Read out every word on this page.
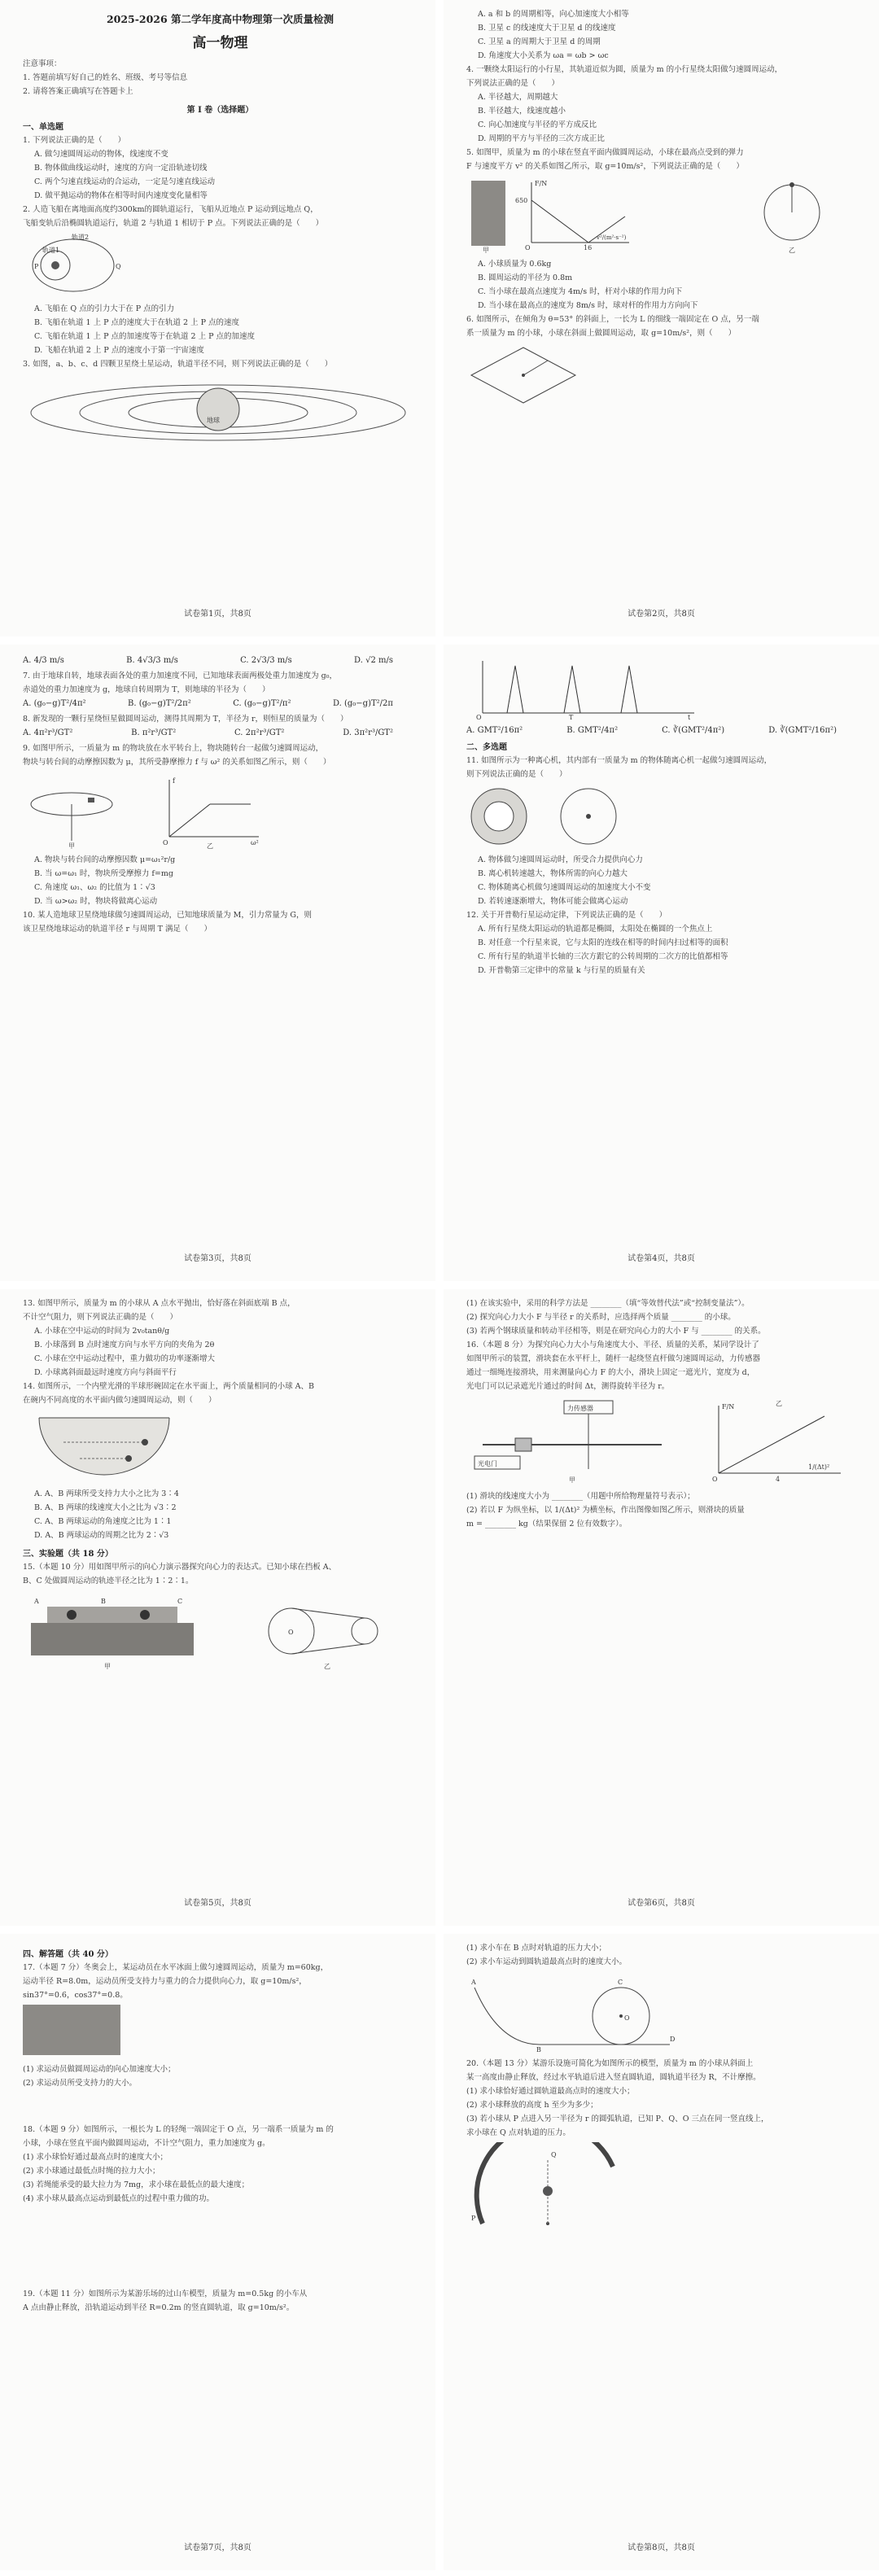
2025-2026 第二学年度高中物理第一次质量检测
高一物理
注意事项：
1. 答题前填写好自己的姓名、班级、考号等信息
2. 请将答案正确填写在答题卡上
第 I 卷（选择题）
一、单选题
1. 下列说法正确的是（　　）
A. 做匀速圆周运动的物体，线速度不变
B. 物体做曲线运动时，速度的方向一定沿轨迹切线
C. 两个匀速直线运动的合运动，一定是匀速直线运动
D. 做平抛运动的物体在相等时间内速度变化量相等
2. 人造飞船在离地面高度约300km的圆轨道运行，飞船从近地点 P 运动到远地点 Q，
飞船变轨后沿椭圆轨道运行，轨道 2 与轨道 1 相切于 P 点。下列说法正确的是（　　）
轨道2
轨道1
P	Q
A. 飞船在 Q 点的引力大于在 P 点的引力
B. 飞船在轨道 1 上 P 点的速度大于在轨道 2 上 P 点的速度
C. 飞船在轨道 1 上 P 点的加速度等于在轨道 2 上 P 点的加速度
D. 飞船在轨道 2 上 P 点的速度小于第一宇宙速度
3. 如图，a、b、c、d 四颗卫星绕土星运动，轨道半径不同，则下列说法正确的是（　　）
地球
试卷第1页，共8页
A. a 和 b 的周期相等，向心加速度大小相等
B. 卫星 c 的线速度大于卫星 d 的线速度
C. 卫星 a 的周期大于卫星 d 的周期
D. 角速度大小关系为 ωa = ωb > ωc
4. 一颗绕太阳运行的小行星，其轨道近似为圆，质量为 m 的小行星绕太阳做匀速圆周运动，
下列说法正确的是（　　）
A. 半径越大，周期越大
B. 半径越大，线速度越小
C. 向心加速度与半径的平方成反比
D. 周期的平方与半径的三次方成正比
5. 如图甲，质量为 m 的小球在竖直平面内做圆周运动，小球在最高点受到的弹力
F 与速度平方 v² 的关系如图乙所示，取 g=10m/s²，下列说法正确的是（　　）
F/N
650
O	16
v²/(m²·s⁻²)
甲	乙
A. 小球质量为 0.6kg
B. 圆周运动的半径为 0.8m
C. 当小球在最高点速度为 4m/s 时，杆对小球的作用力向下
D. 当小球在最高点的速度为 8m/s 时，球对杆的作用力方向向下
6. 如图所示，在倾角为 θ=53° 的斜面上，一长为 L 的细线一端固定在 O 点，另一端
系一质量为 m 的小球，小球在斜面上做圆周运动，取 g=10m/s²，则（　　）
试卷第2页，共8页
A. 4/3 m/s	B. 4√3/3 m/s	C. 2√3/3 m/s	D. √2 m/s
7. 由于地球自转，地球表面各处的重力加速度不同，已知地球表面两极处重力加速度为 g₀，
赤道处的重力加速度为 g，地球自转周期为 T，则地球的半径为（　　）
A. (g₀−g)T²/4π²	B. (g₀−g)T²/2π²	C. (g₀−g)T²/π²	D. (g₀−g)T²/2π
8. 新发现的一颗行星绕恒星做圆周运动，测得其周期为 T，半径为 r，则恒星的质量为（　　）
A. 4π²r³/GT²	B. π²r³/GT²	C. 2π²r³/GT²	D. 3π²r³/GT²
9. 如图甲所示，一质量为 m 的物块放在水平转台上，物块随转台一起做匀速圆周运动，
物块与转台间的动摩擦因数为 μ，其所受静摩擦力 f 与 ω² 的关系如图乙所示，则（　　）
甲	乙
f
ω²
O
A. 物块与转台间的动摩擦因数 μ=ω₁²r/g
B. 当 ω=ω₁ 时，物块所受摩擦力 f=mg
C. 角速度 ω₁、ω₂ 的比值为 1∶√3
D. 当 ω>ω₂ 时，物块将做离心运动
10. 某人造地球卫星绕地球做匀速圆周运动，已知地球质量为 M，引力常量为 G，则
该卫星绕地球运动的轨道半径 r 与周期 T 满足（　　）
试卷第3页，共8页
t
O	T
A. GMT²/16π²	B. GMT²/4π²	C. ∛(GMT²/4π²)	D. ∛(GMT²/16π²)
二、多选题
11. 如图所示为一种离心机，其内部有一质量为 m 的物体随离心机一起做匀速圆周运动，
则下列说法正确的是（　　）
A. 物体做匀速圆周运动时，所受合力提供向心力
B. 离心机转速越大，物体所需的向心力越大
C. 物体随离心机做匀速圆周运动的加速度大小不变
D. 若转速逐渐增大，物体可能会做离心运动
12. 关于开普勒行星运动定律，下列说法正确的是（　　）
A. 所有行星绕太阳运动的轨道都是椭圆，太阳处在椭圆的一个焦点上
B. 对任意一个行星来说，它与太阳的连线在相等的时间内扫过相等的面积
C. 所有行星的轨道半长轴的三次方跟它的公转周期的二次方的比值都相等
D. 开普勒第三定律中的常量 k 与行星的质量有关
试卷第4页，共8页
13. 如图甲所示，质量为 m 的小球从 A 点水平抛出，恰好落在斜面底端 B 点，
不计空气阻力，则下列说法正确的是（　　）
A. 小球在空中运动的时间为 2v₀tanθ/g
B. 小球落到 B 点时速度方向与水平方向的夹角为 2θ
C. 小球在空中运动过程中，重力做功的功率逐渐增大
D. 小球离斜面最远时速度方向与斜面平行
14. 如图所示，一个内壁光滑的半球形碗固定在水平面上，两个质量相同的小球 A、B
在碗内不同高度的水平面内做匀速圆周运动，则（　　）
A. A、B 两球所受支持力大小之比为 3∶4
B. A、B 两球的线速度大小之比为 √3∶2
C. A、B 两球运动的角速度之比为 1∶1
D. A、B 两球运动的周期之比为 2∶√3
三、实验题（共 18 分）
15.（本题 10 分）用如图甲所示的向心力演示器探究向心力的表达式。已知小球在挡板 A、
B、C 处做圆周运动的轨迹半径之比为 1∶2∶1。
甲	乙
A	B	C
O
试卷第5页，共8页
(1) 在该实验中，采用的科学方法是 ________（填“等效替代法”或“控制变量法”）。
(2) 探究向心力大小 F 与半径 r 的关系时，应选择两个质量 ________ 的小球。
(3) 若两个钢球质量和转动半径相等，则是在研究向心力的大小 F 与 ________ 的关系。
16.（本题 8 分）为探究向心力大小与角速度大小、半径、质量的关系，某同学设计了
如图甲所示的装置，滑块套在水平杆上，随杆一起绕竖直杆做匀速圆周运动，力传感器
通过一细绳连接滑块，用来测量向心力 F 的大小，滑块上固定一遮光片，宽度为 d，
光电门可以记录遮光片通过的时间 Δt，测得旋转半径为 r。
力传感器
光电门
F/N
O	4
1/(Δt)²
甲
乙
(1) 滑块的线速度大小为 ________（用题中所给物理量符号表示）；
(2) 若以 F 为纵坐标，以 1/(Δt)² 为横坐标，作出图像如图乙所示，则滑块的质量
m = ________ kg（结果保留 2 位有效数字）。
试卷第6页，共8页
四、解答题（共 40 分）
17.（本题 7 分）冬奥会上，某运动员在水平冰面上做匀速圆周运动，质量为 m=60kg，
运动半径 R=8.0m，运动员所受支持力与重力的合力提供向心力，取 g=10m/s²，
sin37°=0.6，cos37°=0.8。
(1) 求运动员做圆周运动的向心加速度大小；
(2) 求运动员所受支持力的大小。
18.（本题 9 分）如图所示，一根长为 L 的轻绳一端固定于 O 点，另一端系一质量为 m 的
小球，小球在竖直平面内做圆周运动，不计空气阻力，重力加速度为 g。
(1) 求小球恰好通过最高点时的速度大小；
(2) 求小球通过最低点时绳的拉力大小；
(3) 若绳能承受的最大拉力为 7mg，求小球在最低点的最大速度；
(4) 求小球从最高点运动到最低点的过程中重力做的功。
19.（本题 11 分）如图所示为某游乐场的过山车模型，质量为 m=0.5kg 的小车从
A 点由静止释放，沿轨道运动到半径 R=0.2m 的竖直圆轨道，取 g=10m/s²。
试卷第7页，共8页
(1) 求小车在 B 点时对轨道的压力大小；
(2) 求小车运动到圆轨道最高点时的速度大小。
A
B
C
O
D
20.（本题 13 分）某游乐设施可简化为如图所示的模型，质量为 m 的小球从斜面上
某一高度由静止释放，经过水平轨道后进入竖直圆轨道，圆轨道半径为 R，不计摩擦。
(1) 求小球恰好通过圆轨道最高点时的速度大小；
(2) 求小球释放的高度 h 至少为多少；
(3) 若小球从 P 点进入另一半径为 r 的圆弧轨道，已知 P、Q、O 三点在同一竖直线上，
求小球在 Q 点对轨道的压力。
P
Q
试卷第8页，共8页
